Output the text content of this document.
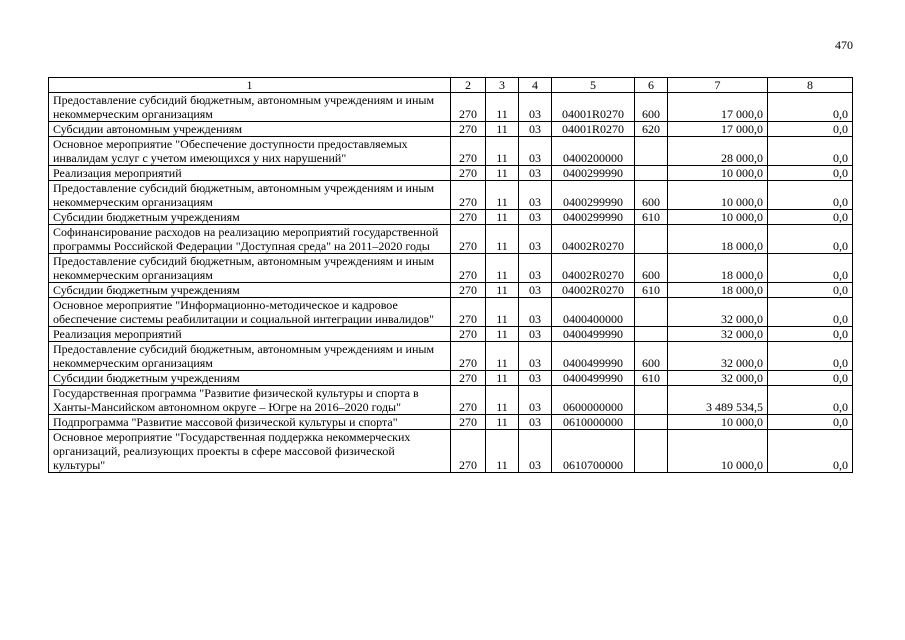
470
1	2	3	4	5	6	7	8
Предоставление субсидий бюджетным, автономным учреждениям и иным некоммерческим организациям	270	11	03	04001R0270	600	17 000,0	0,0
Субсидии автономным учреждениям	270	11	03	04001R0270	620	17 000,0	0,0
Основное мероприятие "Обеспечение доступности предоставляемых инвалидам услуг с учетом имеющихся у них нарушений"	270	11	03	0400200000		28 000,0	0,0
Реализация мероприятий	270	11	03	0400299990		10 000,0	0,0
Предоставление субсидий бюджетным, автономным учреждениям и иным некоммерческим организациям	270	11	03	0400299990	600	10 000,0	0,0
Субсидии бюджетным учреждениям	270	11	03	0400299990	610	10 000,0	0,0
Софинансирование расходов на реализацию мероприятий государственной программы Российской Федерации "Доступная среда" на 2011–2020 годы	270	11	03	04002R0270		18 000,0	0,0
Предоставление субсидий бюджетным, автономным учреждениям и иным некоммерческим организациям	270	11	03	04002R0270	600	18 000,0	0,0
Субсидии бюджетным учреждениям	270	11	03	04002R0270	610	18 000,0	0,0
Основное мероприятие "Информационно-методическое и кадровое обеспечение системы реабилитации и социальной интеграции инвалидов"	270	11	03	0400400000		32 000,0	0,0
Реализация мероприятий	270	11	03	0400499990		32 000,0	0,0
Предоставление субсидий бюджетным, автономным учреждениям и иным некоммерческим организациям	270	11	03	0400499990	600	32 000,0	0,0
Субсидии бюджетным учреждениям	270	11	03	0400499990	610	32 000,0	0,0
Государственная программа "Развитие физической культуры и спорта в Ханты-Мансийском автономном округе – Югре на 2016–2020 годы"	270	11	03	0600000000		3 489 534,5	0,0
Подпрограмма "Развитие массовой физической культуры и спорта"	270	11	03	0610000000		10 000,0	0,0
Основное мероприятие "Государственная поддержка некоммерческих организаций, реализующих проекты в сфере массовой физической культуры"	270	11	03	0610700000		10 000,0	0,0
